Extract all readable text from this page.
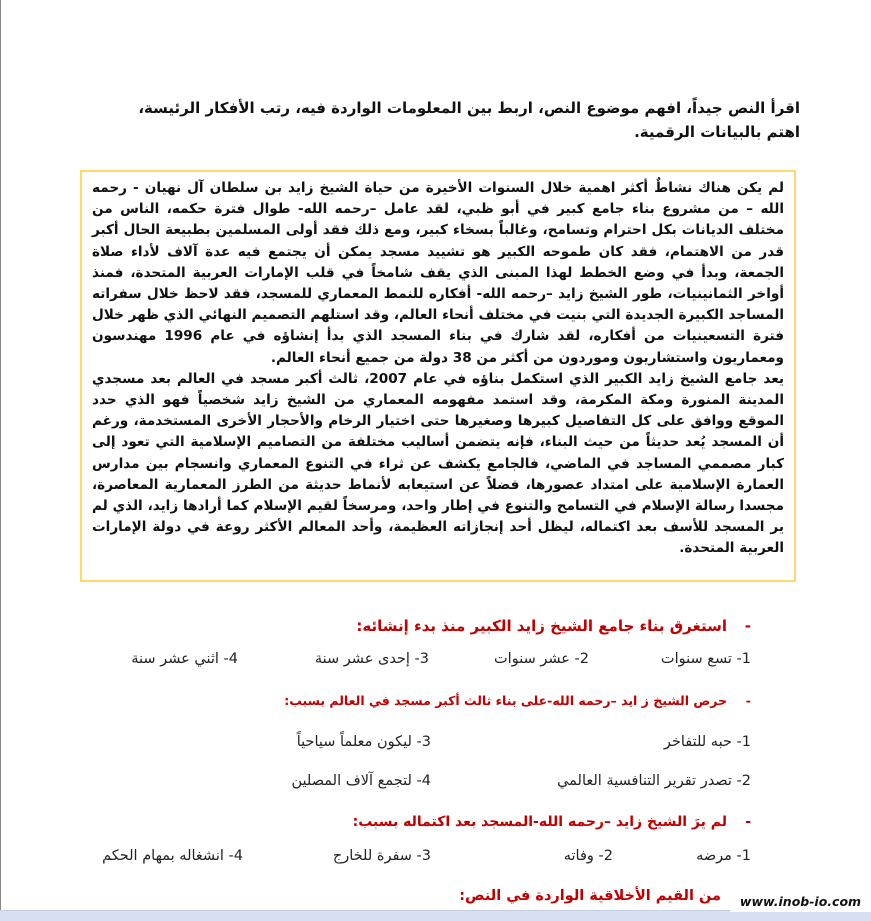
اقرأ النص جيداً، افهم موضوع النص، اربط بين المعلومات الواردة فيه، رتب الأفكار الرئيسة، اهتم بالبيانات الرقمية.

لم يكن هناك نشاطٌ أكثر اهمية خلال السنوات الأخيرة من حياة الشيخ زايد بن سلطان آل نهيان - رحمه الله – من مشروع بناء جامع كبير في أبو ظبي، لقد عامل –رحمه الله- طوال فترة حكمه، الناس من مختلف الديانات بكل احترام وتسامح، وغالباً بسخاء كبير، ومع ذلك فقد أولى المسلمين بطبيعة الحال أكبر قدر من الاهتمام، فقد كان طموحه الكبير هو تشييد مسجد يمكن أن يجتمع فيه عدة آلاف لأداء صلاة الجمعة، وبدأ في وضع الخطط لهذا المبنى الذي يقف شامخاً في قلب الإمارات العربية المتحدة، فمنذ أواخر الثمانينيات، طور الشيخ زايد –رحمه الله- أفكاره للنمط المعماري للمسجد، فقد لاحظ خلال سفراته المساجد الكبيرة الجديدة التي بنيت في مختلف أنحاء العالم، وقد استلهم التصميم النهائي الذي ظهر خلال فترة التسعينيات من أفكاره، لقد شارك في بناء المسجد الذي بدأ إنشاؤه في عام 1996 مهندسون ومعماريون واستشاريون وموردون من أكثر من 38 دولة من جميع أنحاء العالم.

يعد جامع الشيخ زايد الكبير الذي استكمل بناؤه في عام 2007، ثالث أكبر مسجد في العالم بعد مسجدي المدينة المنورة ومكة المكرمة، وقد استمد مفهومه المعماري من الشيخ زايد شخصياً فهو الذي حدد الموقع ووافق على كل التفاصيل كبيرها وصغيرها حتى اختيار الرخام والأحجار الأخرى المستخدمة، ورغم أن المسجد يُعد حديثاً من حيث البناء، فإنه يتضمن أساليب مختلفة من التصاميم الإسلامية التي تعود إلى كبار مصممي المساجد في الماضي، فالجامع يكشف عن ثراء في التنوع المعماري وانسجام بين مدارس العمارة الإسلامية على امتداد عصورها، فضلاً عن استيعابه لأنماط حديثة من الطرز المعمارية المعاصرة، مجسدا رسالة الإسلام في التسامح والتنوع في إطار واحد، ومرسخاً لقيم الإسلام كما أرادها زايد، الذي لم ير المسجد للأسف بعد اكتماله، ليظل أحد إنجازاته العظيمة، وأحد المعالم الأكثر روعة في دولة الإمارات العربية المتحدة.

-استغرق بناء جامع الشيخ زايد الكبير منذ بدء إنشائه:
1- تسع سنوات
2- عشر سنوات
3- إحدى عشر سنة
4- اثني عشر سنة
-حرص الشيخ ز ايد –رحمه الله-على بناء ثالث أكبر مسجد في العالم بسبب:
1- حبه للتفاخر
3- ليكون معلماً سياحياً
2- تصدر تقرير التنافسية العالمي
4- لتجمع آلاف المصلين
-لم يرَ الشيخ زايد –رحمه الله-المسجد بعد اكتماله بسبب:
1- مرضه
2- وفاته
3- سفرة للخارج
4- انشغاله بمهام الحكم
من القيم الأخلاقية الواردة في النص:	www.inob-io.com
